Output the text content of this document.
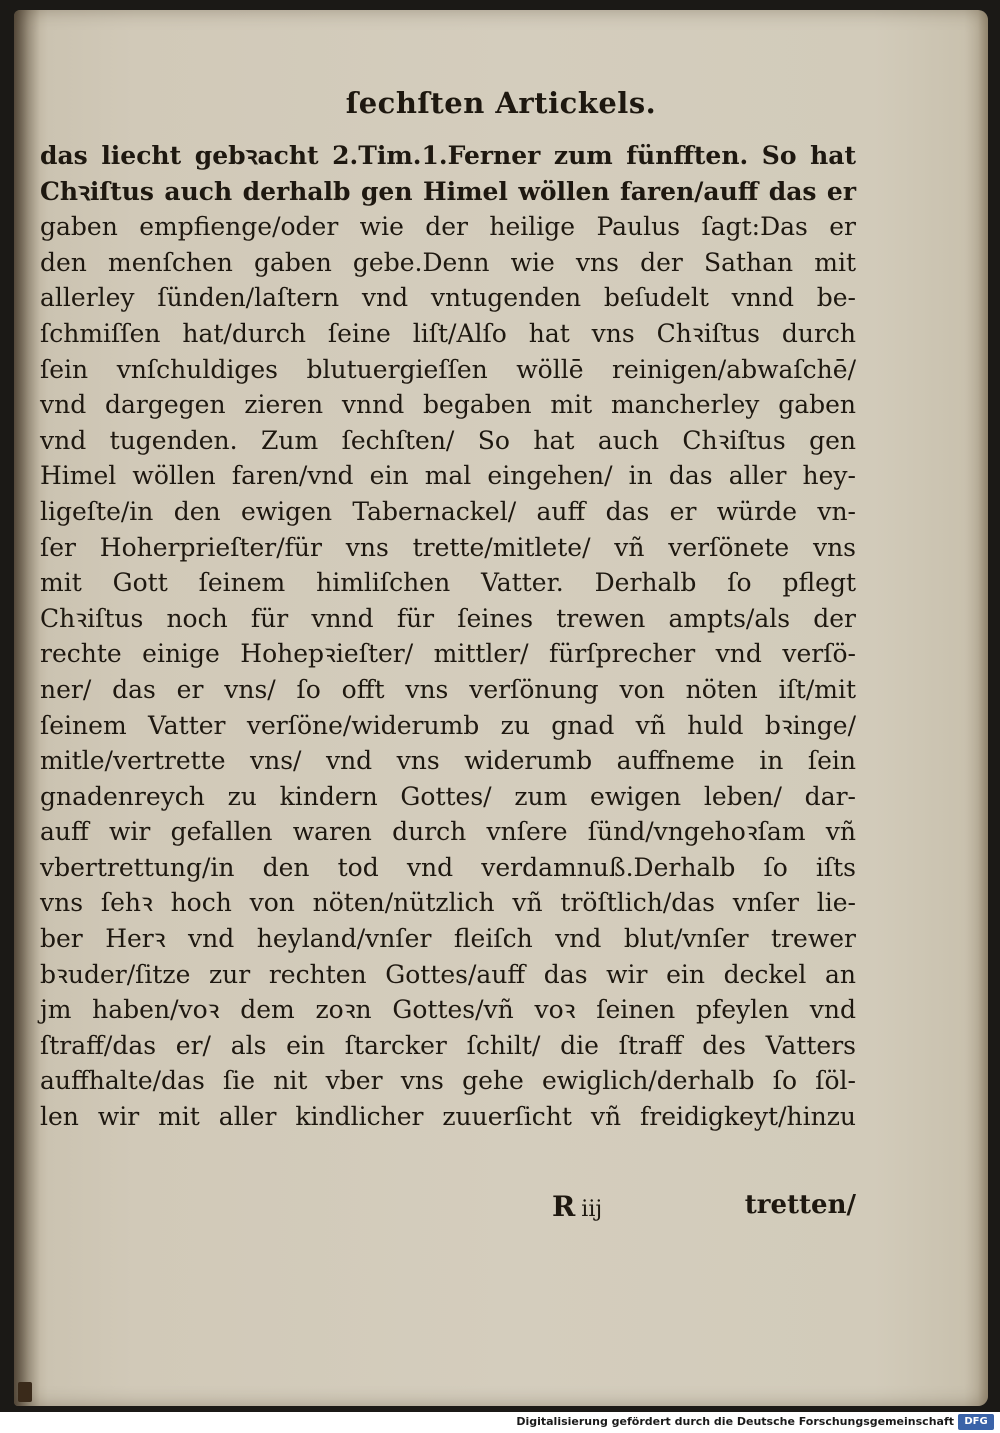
ſechſten Artickels.
das liecht gebꝛacht 2.Tim.1.Ferner zum fünfften. So hat
Chꝛiſtus auch derhalb gen Himel wöllen faren/auff das er
gaben empfienge/oder wie der heilige Paulus ſagt:Das er
den menſchen gaben gebe.Denn wie vns der Sathan mit
allerley ſünden/laſtern vnd vntugenden beſudelt vnnd be-
ſchmiſſen hat/durch ſeine liſt/Alſo hat vns Chꝛiſtus durch
ſein vnſchuldiges blutuergieſſen wöllē reinigen/abwaſchē/
vnd dargegen zieren vnnd begaben mit mancherley gaben
vnd tugenden. Zum ſechſten/ So hat auch Chꝛiſtus gen
Himel wöllen faren/vnd ein mal eingehen/ in das aller hey-
ligeſte/in den ewigen Tabernackel/ auff das er würde vn-
ſer Hoherprieſter/für vns trette/mitlete/ vñ verſönete vns
mit Gott ſeinem himliſchen Vatter. Derhalb ſo pflegt
Chꝛiſtus noch für vnnd für ſeines trewen ampts/als der
rechte einige Hohepꝛieſter/ mittler/ fürſprecher vnd verſö-
ner/ das er vns/ ſo offt vns verſönung von nöten iſt/mit
ſeinem Vatter verſöne/widerumb zu gnad vñ huld bꝛinge/
mitle/vertrette vns/ vnd vns widerumb auffneme in ſein
gnadenreych zu kindern Gottes/ zum ewigen leben/ dar-
auff wir gefallen waren durch vnſere ſünd/vngehoꝛſam vñ
vbertrettung/in den tod vnd verdamnuß.Derhalb ſo iſts
vns ſehꝛ hoch von nöten/nützlich vñ tröſtlich/das vnſer lie-
ber Herꝛ vnd heyland/vnſer fleiſch vnd blut/vnſer trewer
bꝛuder/ſitze zur rechten Gottes/auff das wir ein deckel an
jm haben/voꝛ dem zoꝛn Gottes/vñ voꝛ ſeinen pfeylen vnd
ſtraff/das er/ als ein ſtarcker ſchilt/ die ſtraff des Vatters
auffhalte/das ſie nit vber vns gehe ewiglich/derhalb ſo ſöl-
len wir mit aller kindlicher zuuerſicht vñ freidigkeyt/hinzu
R iij	tretten/
Digitalisierung gefördert durch die Deutsche Forschungsgemeinschaft	DFG
